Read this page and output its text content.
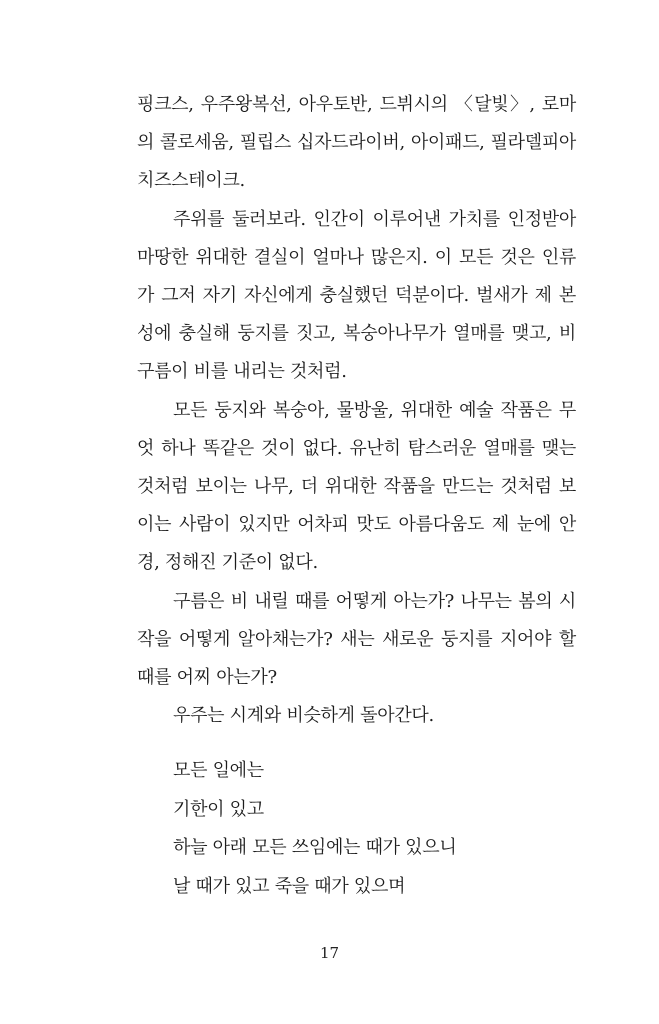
핑크스, 우주왕복선, 아우토반, 드뷔시의 〈달빛〉, 로마의 콜로세움, 필립스 십자드라이버, 아이패드, 필라델피아 치즈스테이크.

주위를 둘러보라. 인간이 이루어낸 가치를 인정받아 마땅한 위대한 결실이 얼마나 많은지. 이 모든 것은 인류가 그저 자기 자신에게 충실했던 덕분이다. 벌새가 제 본성에 충실해 둥지를 짓고, 복숭아나무가 열매를 맺고, 비구름이 비를 내리는 것처럼.

모든 둥지와 복숭아, 물방울, 위대한 예술 작품은 무엇 하나 똑같은 것이 없다. 유난히 탐스러운 열매를 맺는 것처럼 보이는 나무, 더 위대한 작품을 만드는 것처럼 보이는 사람이 있지만 어차피 맛도 아름다움도 제 눈에 안경, 정해진 기준이 없다.

구름은 비 내릴 때를 어떻게 아는가? 나무는 봄의 시작을 어떻게 알아채는가? 새는 새로운 둥지를 지어야 할 때를 어찌 아는가?

우주는 시계와 비슷하게 돌아간다.

모든 일에는
기한이 있고
하늘 아래 모든 쓰임에는 때가 있으니
날 때가 있고 죽을 때가 있으며
17
